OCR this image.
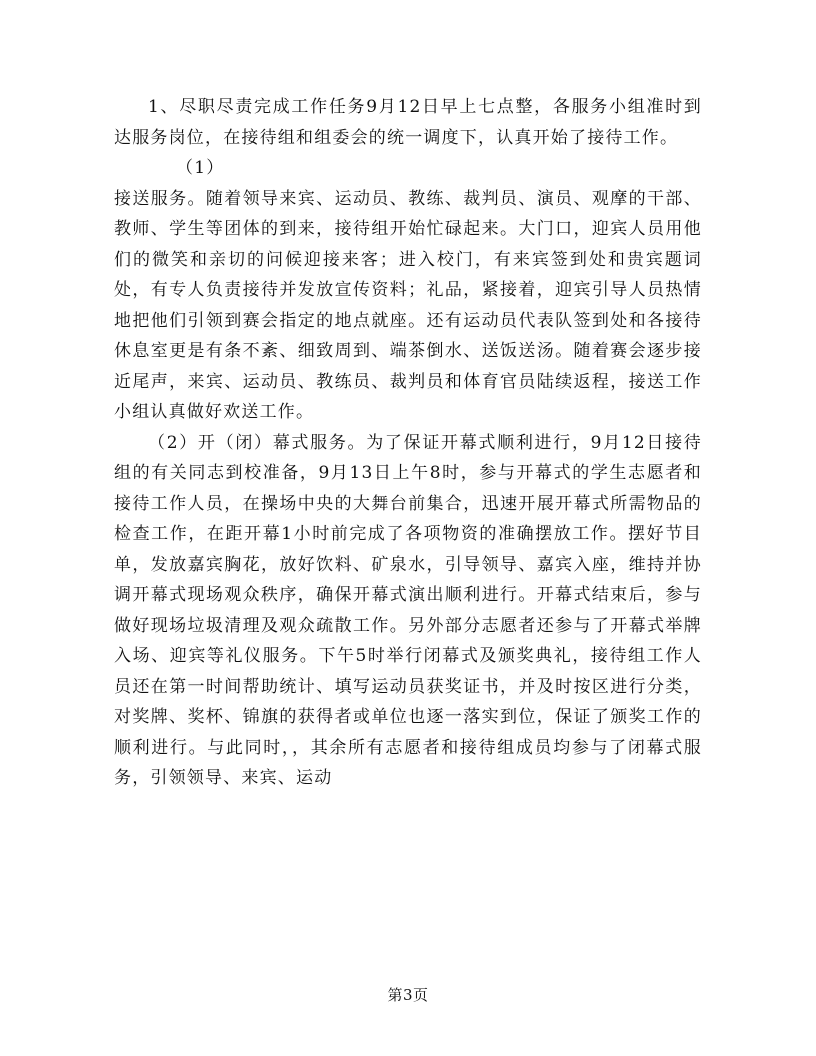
1、尽职尽责完成工作任务9月12日早上七点整，各服务小组准时到达服务岗位，在接待组和组委会的统一调度下，认真开始了接待工作。

（1）

接送服务。随着领导来宾、运动员、教练、裁判员、演员、观摩的干部、教师、学生等团体的到来，接待组开始忙碌起来。大门口，迎宾人员用他们的微笑和亲切的问候迎接来客；进入校门，有来宾签到处和贵宾题词处，有专人负责接待并发放宣传资料；礼品，紧接着，迎宾引导人员热情地把他们引领到赛会指定的地点就座。还有运动员代表队签到处和各接待休息室更是有条不紊、细致周到、端茶倒水、送饭送汤。随着赛会逐步接近尾声，来宾、运动员、教练员、裁判员和体育官员陆续返程，接送工作小组认真做好欢送工作。

（2）开（闭）幕式服务。为了保证开幕式顺利进行，9月12日接待组的有关同志到校准备，9月13日上午8时，参与开幕式的学生志愿者和接待工作人员，在操场中央的大舞台前集合，迅速开展开幕式所需物品的检查工作，在距开幕1小时前完成了各项物资的准确摆放工作。摆好节目单，发放嘉宾胸花，放好饮料、矿泉水，引导领导、嘉宾入座，维持并协调开幕式现场观众秩序，确保开幕式演出顺利进行。开幕式结束后，参与做好现场垃圾清理及观众疏散工作。另外部分志愿者还参与了开幕式举牌入场、迎宾等礼仪服务。下午5时举行闭幕式及颁奖典礼，接待组工作人员还在第一时间帮助统计、填写运动员获奖证书，并及时按区进行分类，对奖牌、奖杯、锦旗的获得者或单位也逐一落实到位，保证了颁奖工作的顺利进行。与此同时，，其余所有志愿者和接待组成员均参与了闭幕式服务，引领领导、来宾、运动

第3页
